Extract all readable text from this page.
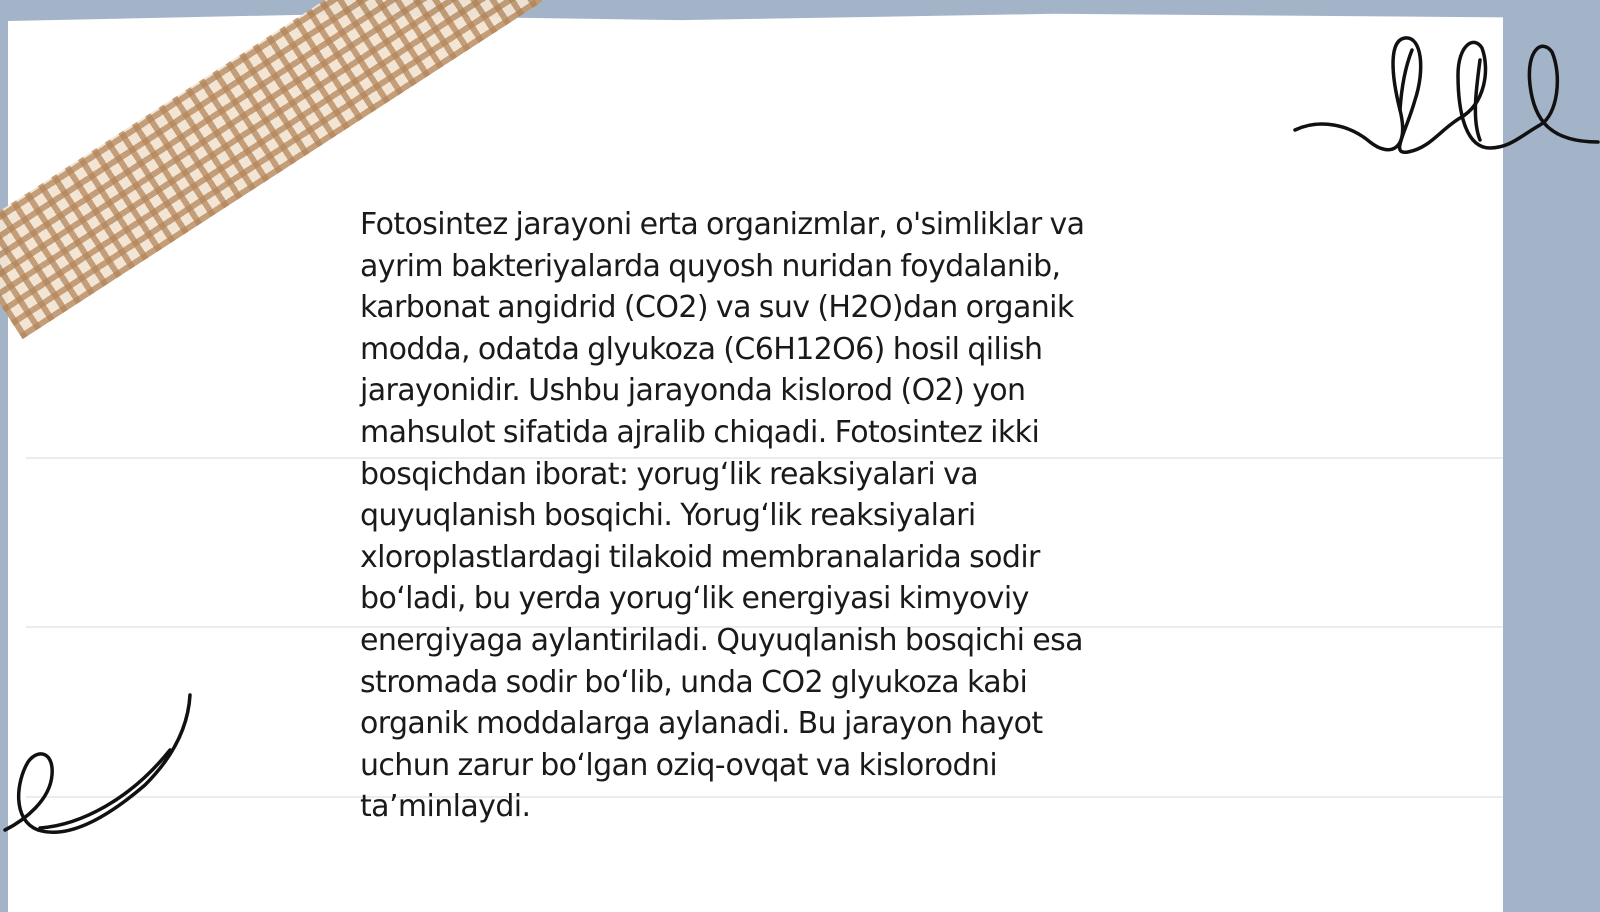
Fotosintez jarayoni erta organizmlar, o'simliklar va
ayrim bakteriyalarda quyosh nuridan foydalanib,
karbonat angidrid (CO2) va suv (H2O)dan organik
modda, odatda glyukoza (C6H12O6) hosil qilish
jarayonidir. Ushbu jarayonda kislorod (O2) yon
mahsulot sifatida ajralib chiqadi. Fotosintez ikki
bosqichdan iborat: yorug‘lik reaksiyalari va
quyuqlanish bosqichi. Yorug‘lik reaksiyalari
xloroplastlardagi tilakoid membranalarida sodir
bo‘ladi, bu yerda yorug‘lik energiyasi kimyoviy
energiyaga aylantiriladi. Quyuqlanish bosqichi esa
stromada sodir bo‘lib, unda CO2 glyukoza kabi
organik moddalarga aylanadi. Bu jarayon hayot
uchun zarur bo‘lgan oziq-ovqat va kislorodni
ta’minlaydi.
